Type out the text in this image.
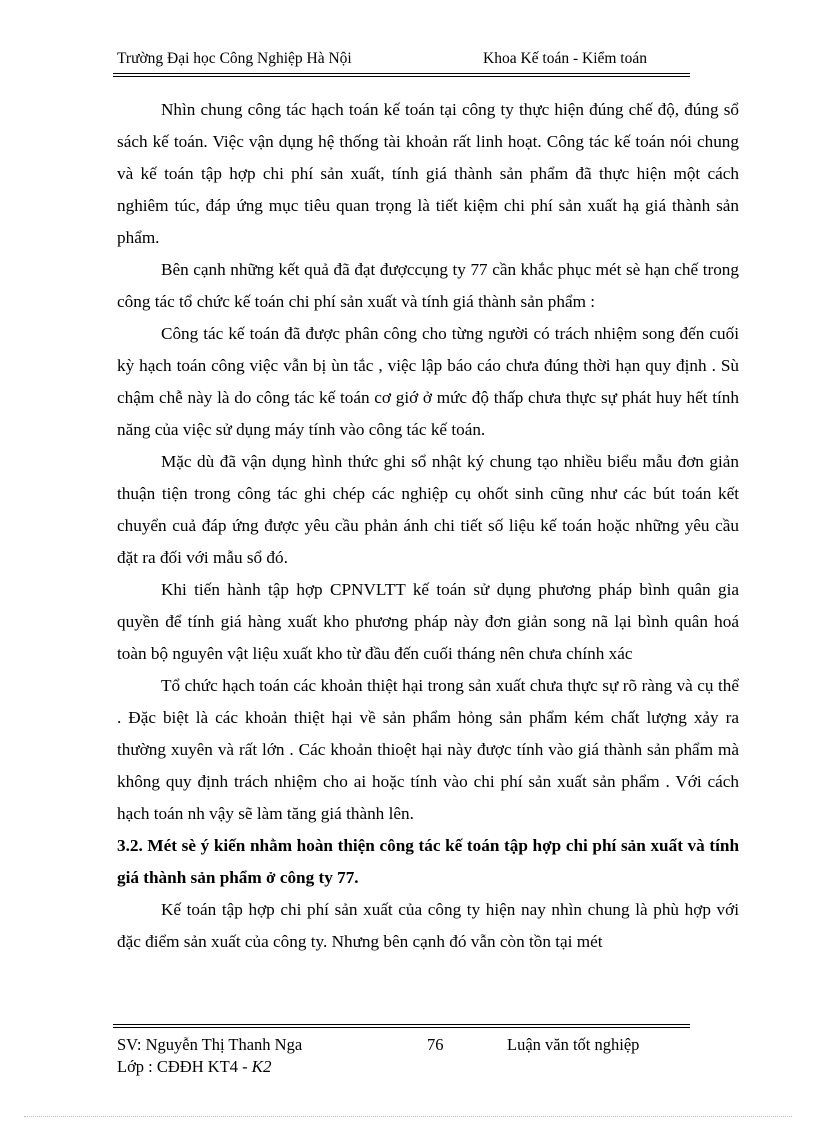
Trường Đại học Công Nghiệp Hà Nội	Khoa Kế toán - Kiểm toán

Nhìn chung công tác hạch toán kế toán tại công ty thực hiện đúng chế độ, đúng sổ sách kế toán. Việc vận dụng hệ thống tài khoản rất linh hoạt. Công tác kế toán nói chung và kế toán tập hợp chi phí sản xuất, tính giá thành sản phẩm đã thực hiện một cách nghiêm túc, đáp ứng mục tiêu quan trọng là tiết kiệm chi phí sản xuất hạ giá thành sản phẩm.

Bên cạnh những kết quả đã đạt đượccụng ty 77 cần khắc phục mét sè hạn chế trong công tác tổ chức kế toán chi phí sản xuất và tính giá thành sản phẩm :

Công tác kế toán đã được phân công cho từng người có trách nhiệm song đến cuối kỳ hạch toán công việc vẫn bị ùn tắc , việc lập báo cáo chưa đúng thời hạn quy định . Sù chậm chễ này là do công tác kế toán cơ giớ ở mức độ thấp chưa thực sự phát huy hết tính năng của việc sử dụng máy tính vào công tác kế toán.

Mặc dù đã vận dụng hình thức ghi sổ nhật ký chung tạo nhiều biểu mẫu đơn giản thuận tiện trong công tác ghi chép các nghiệp cụ ohốt sinh cũng như các bút toán kết chuyển cuả đáp ứng được yêu cầu phản ánh chi tiết số liệu kế toán hoặc những yêu cầu đặt ra đối với mẫu sổ đó.

Khi tiến hành tập hợp CPNVLTT kế toán sử dụng phương pháp bình quân gia quyền để tính giá hàng xuất kho phương pháp này đơn giản song nã lại bình quân hoá toàn bộ nguyên vật liệu xuất kho từ đầu đến cuối tháng nên chưa chính xác

Tổ chức hạch toán các khoản thiệt hại trong sản xuất chưa thực sự rõ ràng và cụ thể . Đặc biệt là các khoản thiệt hại về sản phẩm hỏng sản phẩm kém chất lượng xảy ra thường xuyên và rất lớn . Các khoản thioệt hại này được tính vào giá thành sản phẩm mà không quy định trách nhiệm cho ai hoặc tính vào chi phí sản xuất sản phẩm . Với cách hạch toán nh vậy sẽ làm tăng giá thành lên.

3.2. Mét sè ý kiến nhằm hoàn thiện công tác kế toán tập hợp chi phí sản xuất và tính giá thành sản phẩm ở công ty 77.

Kế toán tập hợp chi phí sản xuất của công ty hiện nay nhìn chung là phù hợp với đặc điểm sản xuất của công ty. Nhưng bên cạnh đó vẫn còn tồn tại mét

SV: Nguyễn Thị Thanh Nga	76	Luận văn tốt nghiệp
Lớp : CĐĐH KT4 - K2
